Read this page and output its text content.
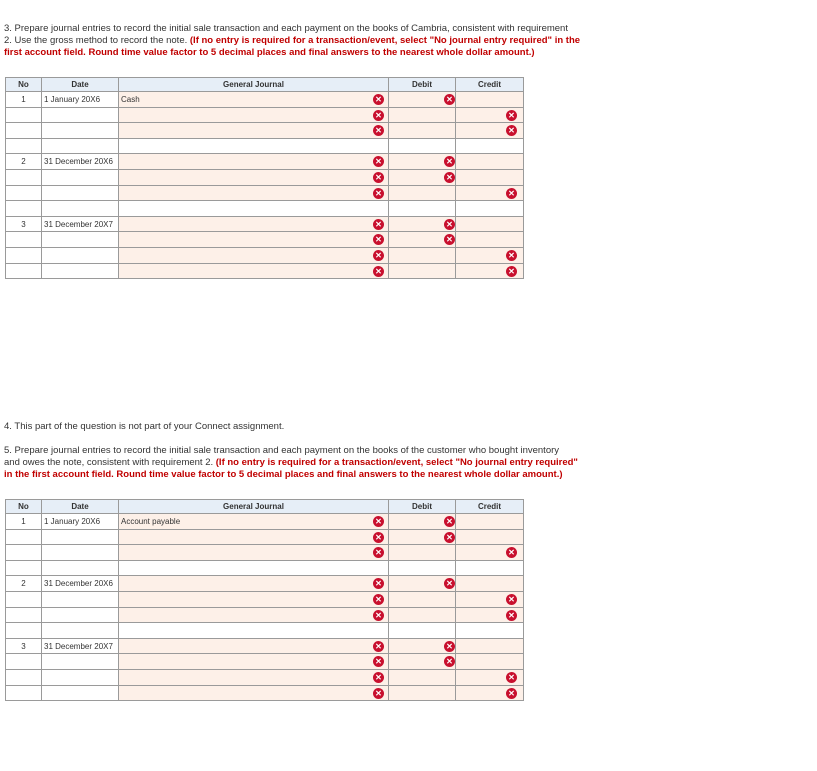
3. Prepare journal entries to record the initial sale transaction and each payment on the books of Cambria, consistent with requirement

2. Use the gross method to record the note. (If no entry is required for a transaction/event, select "No journal entry required" in the

first account field. Round time value factor to 5 decimal places and final answers to the nearest whole dollar amount.)

No	Date	General Journal	Debit	Credit
1	1 January 20X6	Cash ✕	✕	

		✕		✕

		✕		✕

2	31 December 20X6	✕	✕	

		✕	✕	

		✕		✕

3	31 December 20X7	✕	✕	

		✕	✕	

		✕		✕

		✕		✕

4. This part of the question is not part of your Connect assignment.

5. Prepare journal entries to record the initial sale transaction and each payment on the books of the customer who bought inventory

and owes the note, consistent with requirement 2. (If no entry is required for a transaction/event, select "No journal entry required"

in the first account field. Round time value factor to 5 decimal places and final answers to the nearest whole dollar amount.)

No	Date	General Journal	Debit	Credit
1	1 January 20X6	Account payable ✕	✕	

		✕	✕	

		✕		✕

2	31 December 20X6	✕	✕	

		✕		✕

		✕		✕

3	31 December 20X7	✕	✕	

		✕	✕	

		✕		✕

		✕		✕
